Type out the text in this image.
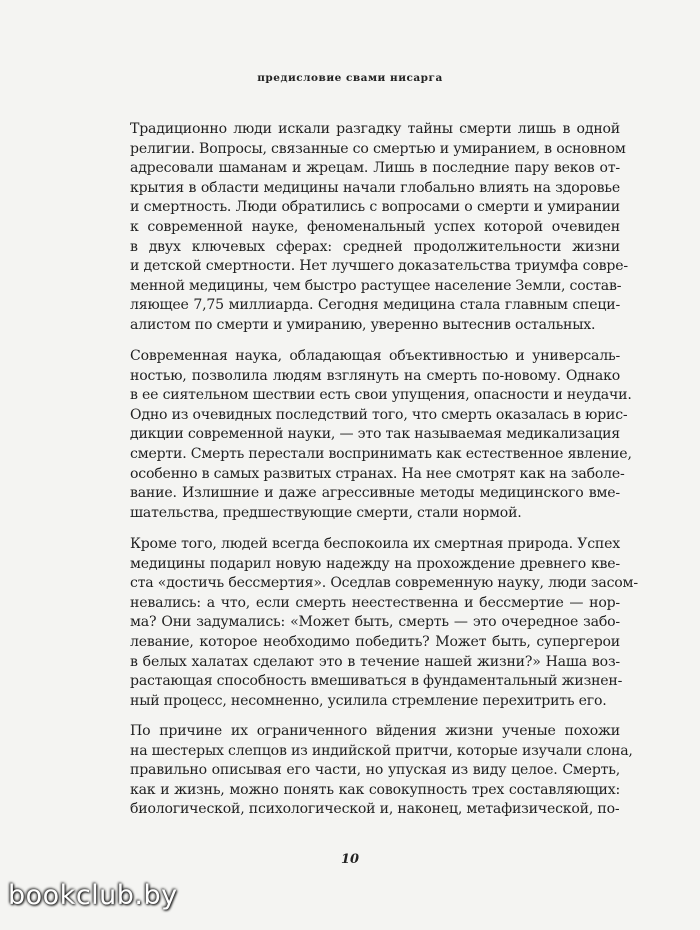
предисловие свами нисарга
Традиционно люди искали разгадку тайны смерти лишь в одной
религии. Вопросы, связанные со смертью и умиранием, в основном
адресовали шаманам и жрецам. Лишь в последние пару веков от-
крытия в области медицины начали глобально влиять на здоровье
и смертность. Люди обратились с вопросами о смерти и умирании
к современной науке, феноменальный успех которой очевиден
в двух ключевых сферах: средней продолжительности жизни
и детской смертности. Нет лучшего доказательства триумфа совре-
менной медицины, чем быстро растущее население Земли, состав-
ляющее 7,75 миллиарда. Сегодня медицина стала главным специ-
алистом по смерти и умиранию, уверенно вытеснив остальных.
Современная наука, обладающая объективностью и универсаль-
ностью, позволила людям взглянуть на смерть по-новому. Однако
в ее сиятельном шествии есть свои упущения, опасности и неудачи.
Одно из очевидных последствий того, что смерть оказалась в юрис-
дикции современной науки, — это так называемая медикализация
смерти. Смерть перестали воспринимать как естественное явление,
особенно в самых развитых странах. На нее смотрят как на заболе-
вание. Излишние и даже агрессивные методы медицинского вме-
шательства, предшествующие смерти, стали нормой.
Кроме того, людей всегда беспокоила их смертная природа. Успех
медицины подарил новую надежду на прохождение древнего кве-
ста «достичь бессмертия». Оседлав современную науку, люди засом-
невались: а что, если смерть неестественна и бессмертие — нор-
ма? Они задумались: «Может быть, смерть — это очередное забо-
левание, которое необходимо победить? Может быть, супергерои
в белых халатах сделают это в течение нашей жизни?» Наша воз-
растающая способность вмешиваться в фундаментальный жизнен-
ный процесс, несомненно, усилила стремление перехитрить его.
По причине их ограниченного вйдения жизни ученые похожи
на шестерых слепцов из индийской притчи, которые изучали слона,
правильно описывая его части, но упуская из виду целое. Смерть,
как и жизнь, можно понять как совокупность трех составляющих:
биологической, психологической и, наконец, метафизической, по-
10
bookclub.by
